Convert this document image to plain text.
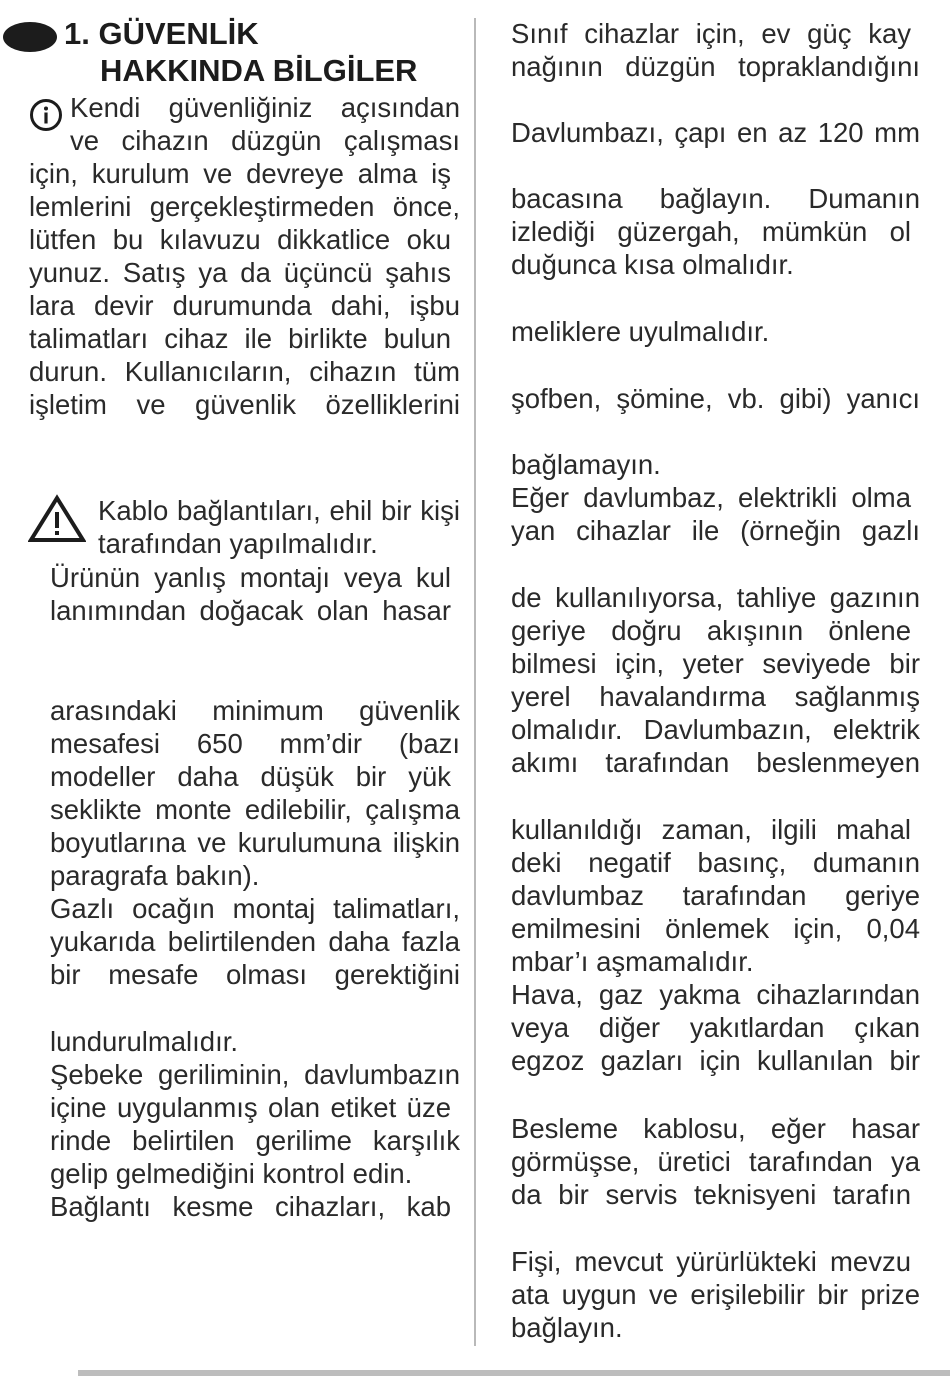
1. GÜVENLİK
HAKKINDA BİLGİLER
Kendi güvenliğiniz açısından
ve cihazın düzgün çalışması
için, kurulum ve devreye alma iş
lemlerini gerçekleştirmeden önce,
lütfen bu kılavuzu dikkatlice oku
yunuz. Satış ya da üçüncü şahıs
lara devir durumunda dahi, işbu
talimatları cihaz ile birlikte bulun
durun. Kullanıcıların, cihazın tüm
işletim ve güvenlik özelliklerini
Kablo bağlantıları, ehil bir kişi
tarafından yapılmalıdır.
Ürünün yanlış montajı veya kul
lanımından doğacak olan hasar
arasındaki minimum güvenlik
mesafesi 650 mm’dir (bazı
modeller daha düşük bir yük
seklikte monte edilebilir, çalışma
boyutlarına ve kurulumuna ilişkin
paragrafa bakın).
Gazlı ocağın montaj talimatları,
yukarıda belirtilenden daha fazla
bir mesafe olması gerektiğini
lundurulmalıdır.
Şebeke geriliminin, davlumbazın
içine uygulanmış olan etiket üze
rinde belirtilen gerilime karşılık
gelip gelmediğini kontrol edin.
Bağlantı kesme cihazları, kab
Sınıf cihazlar için, ev güç kay
nağının düzgün topraklandığını
Davlumbazı, çapı en az 120 mm
bacasına bağlayın. Dumanın
izlediği güzergah, mümkün ol
duğunca kısa olmalıdır.
meliklere uyulmalıdır.
şofben, şömine, vb. gibi) yanıcı
bağlamayın.
Eğer davlumbaz, elektrikli olma
yan cihazlar ile (örneğin gazlı
de kullanılıyorsa, tahliye gazının
geriye doğru akışının önlene
bilmesi için, yeter seviyede bir
yerel havalandırma sağlanmış
olmalıdır. Davlumbazın, elektrik
akımı tarafından beslenmeyen
kullanıldığı zaman, ilgili mahal
deki negatif basınç, dumanın
davlumbaz tarafından geriye
emilmesini önlemek için, 0,04
mbar’ı aşmamalıdır.
Hava, gaz yakma cihazlarından
veya diğer yakıtlardan çıkan
egzoz gazları için kullanılan bir
Besleme kablosu, eğer hasar
görmüşse, üretici tarafından ya
da bir servis teknisyeni tarafın
Fişi, mevcut yürürlükteki mevzu
ata uygun ve erişilebilir bir prize
bağlayın.
